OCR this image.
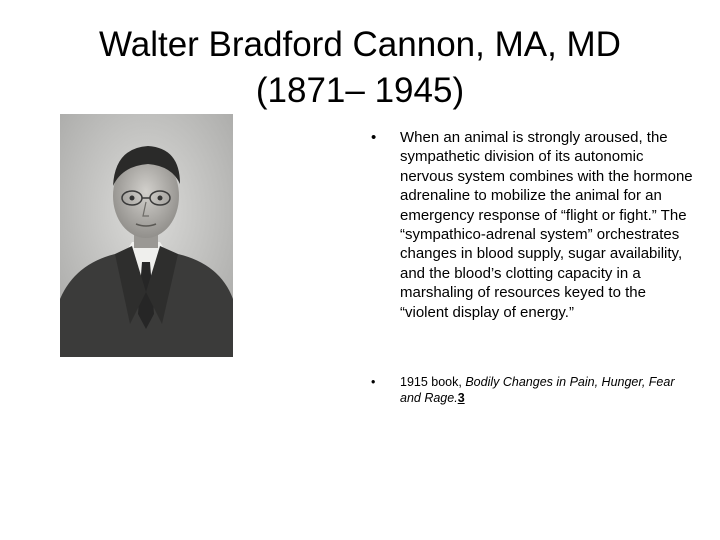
Walter Bradford Cannon, MA, MD
(1871– 1945)
• When an animal is strongly aroused, the sympathetic division of its autonomic nervous system combines with the hormone adrenaline to mobilize the animal for an emergency response of “flight or fight.” The “sympathico-adrenal system” orchestrates changes in blood supply, sugar availability, and the blood’s clotting capacity in a marshaling of resources keyed to the “violent display of energy.”
• 1915 book, Bodily Changes in Pain, Hunger, Fear and Rage.3
